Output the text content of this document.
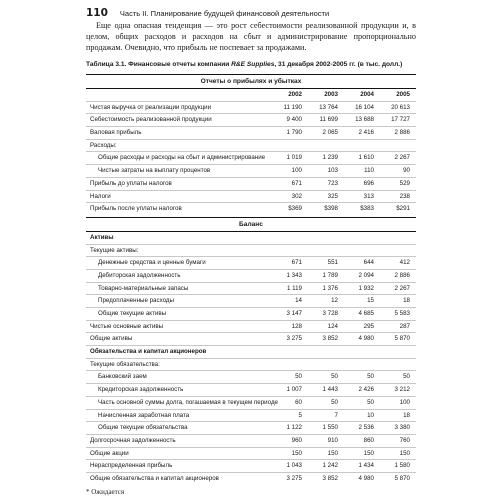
110 Часть II. Планирование будущей финансовой деятельности

Еще одна опасная тенденция — это рост себестоимости реализованной продукции и, в целом, общих расходов и расходов на сбыт и администрирование пропорционально продажам. Очевидно, что прибыль не поспевает за продажами.

Таблица 3.1. Финансовые отчеты компании R&E Supplies, 31 декабря 2002-2005 гг. (в тыс. долл.)
Отчеты о прибылях и убытках
2002	2003	2004	2005
Чистая выручка от реализации продукции	11 190	13 764	16 104	20 613
Себестоимость реализованной продукции	9 400	11 699	13 688	17 727
Валовая прибыль	1 790	2 065	2 416	2 886
Расходы:
Общие расходы и расходы на сбыт и администрирование	1 019	1 239	1 610	2 267
Чистые затраты на выплату процентов	100	103	110	90
Прибыль до уплаты налогов	671	723	696	529
Налоги	302	325	313	238
Прибыль после уплаты налогов	$369	$398	$383	$291
Баланс
Активы
Текущие активы:
Денежные средства и ценные бумаги	671	551	644	412
Дебиторская задолженность	1 343	1 789	2 094	2 886
Товарно-материальные запасы	1 119	1 376	1 932	2 267
Предоплаченные расходы	14	12	15	18
Общие текущие активы	3 147	3 728	4 685	5 583
Чистые основные активы	128	124	295	287
Общие активы	3 275	3 852	4 980	5 870
Обязательства и капитал акционеров
Текущие обязательства:
Банковский заем	50	50	50	50
Кредиторская задолженность	1 007	1 443	2 426	3 212
Часть основной суммы долга, погашаемая в текущем периоде	60	50	50	100
Начисленная заработная плата	5	7	10	18
Общие текущие обязательства	1 122	1 550	2 536	3 380
Долгосрочная задолженность	960	910	860	760
Общие акции	150	150	150	150
Нераспределенная прибыль	1 043	1 242	1 434	1 580
Общие обязательства и капитал акционеров	3 275	3 852	4 980	5 870
* Ожидается
